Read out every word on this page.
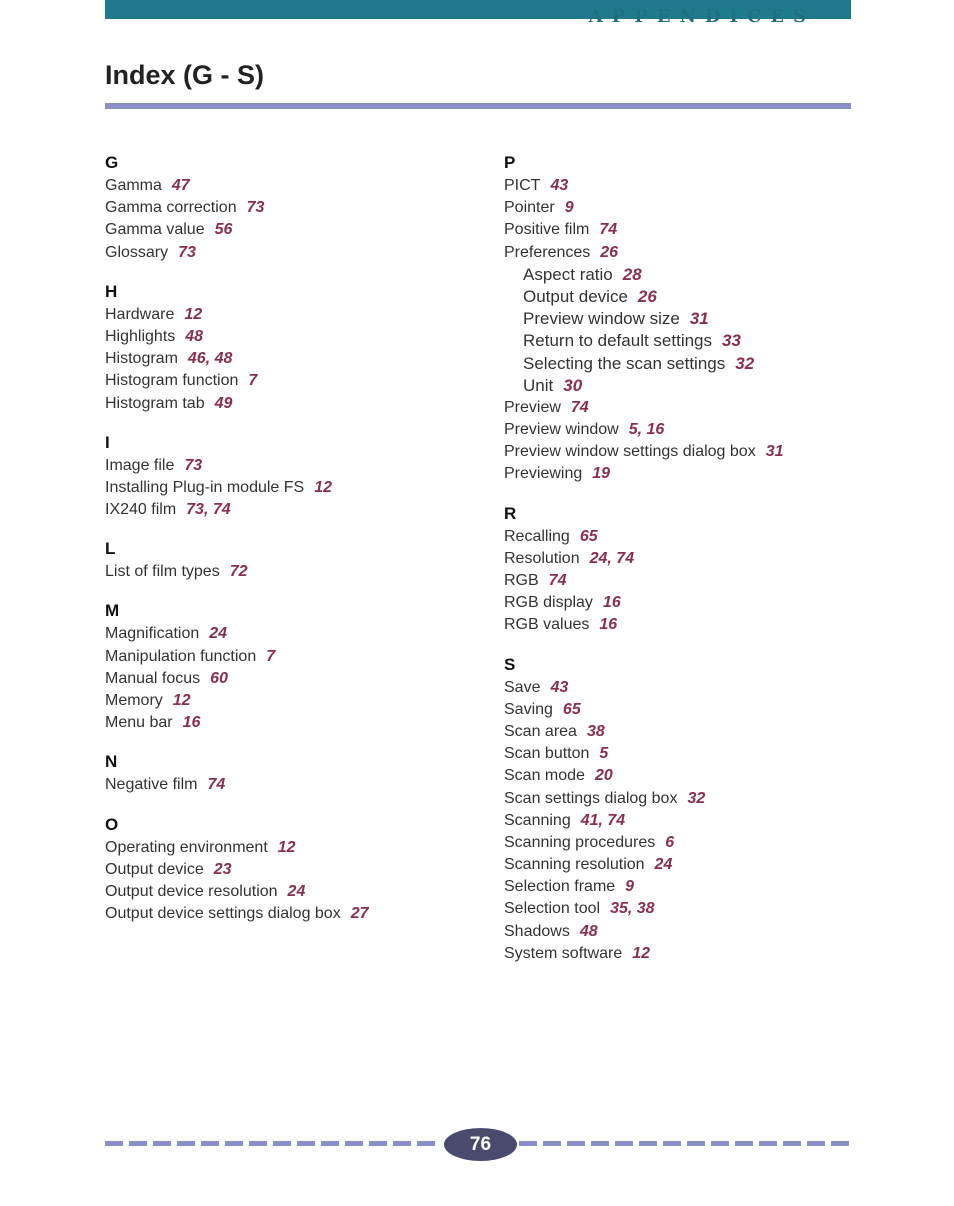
APPENDICES
Index (G - S)
G
Gamma 47
Gamma correction 73
Gamma value 56
Glossary 73
H
Hardware 12
Highlights 48
Histogram 46, 48
Histogram function 7
Histogram tab 49
I
Image file 73
Installing Plug-in module FS 12
IX240 film 73, 74
L
List of film types 72
M
Magnification 24
Manipulation function 7
Manual focus 60
Memory 12
Menu bar 16
N
Negative film 74
O
Operating environment 12
Output device 23
Output device resolution 24
Output device settings dialog box 27
P
PICT 43
Pointer 9
Positive film 74
Preferences 26
Aspect ratio 28
Output device 26
Preview window size 31
Return to default settings 33
Selecting the scan settings 32
Unit 30
Preview 74
Preview window 5, 16
Preview window settings dialog box 31
Previewing 19
R
Recalling 65
Resolution 24, 74
RGB 74
RGB display 16
RGB values 16
S
Save 43
Saving 65
Scan area 38
Scan button 5
Scan mode 20
Scan settings dialog box 32
Scanning 41, 74
Scanning procedures 6
Scanning resolution 24
Selection frame 9
Selection tool 35, 38
Shadows 48
System software 12
76
